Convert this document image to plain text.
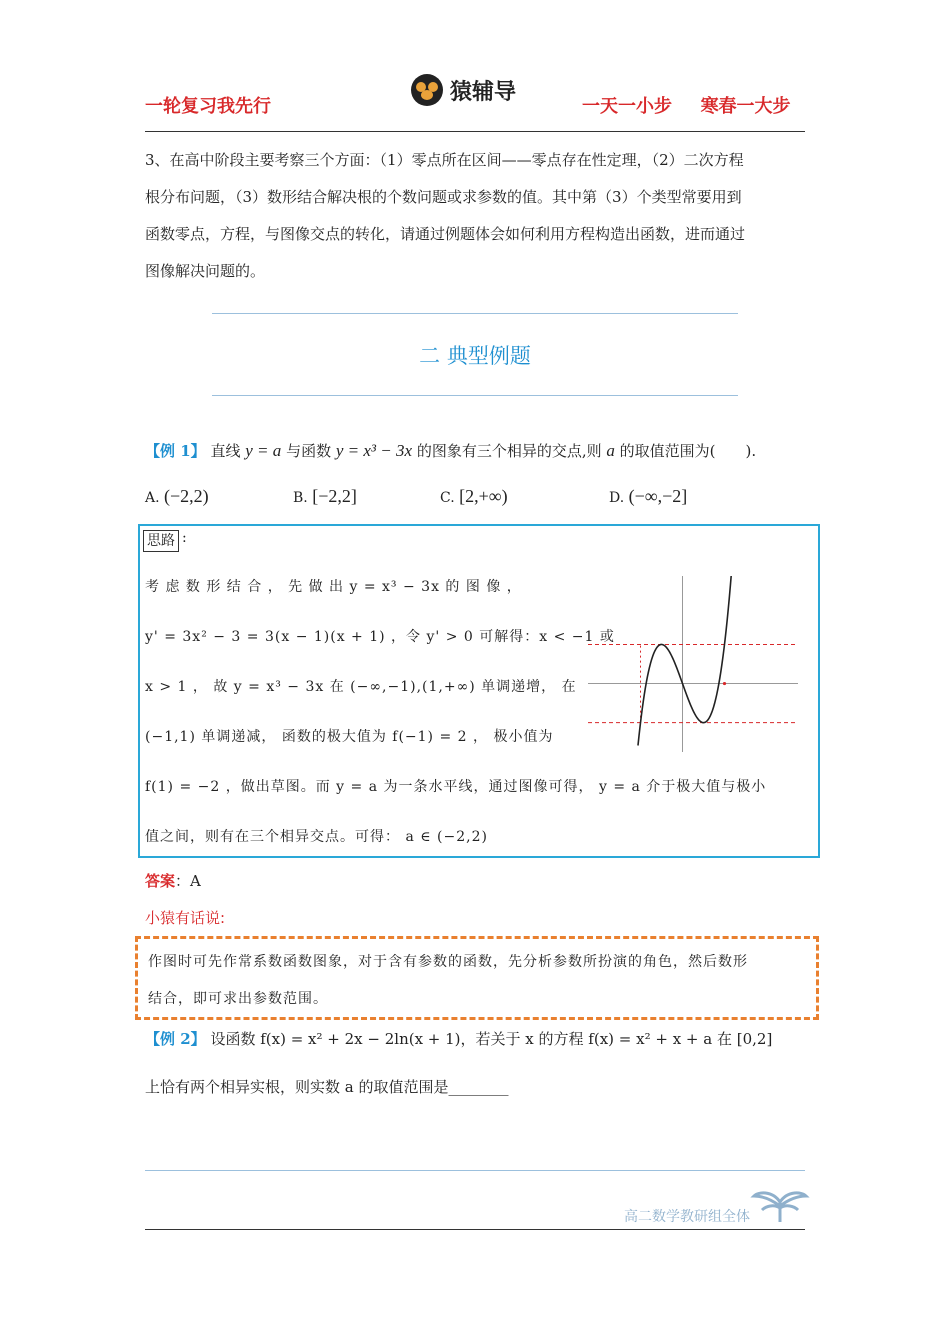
一轮复习我先行
猿辅导
一天一小步 寒春一大步
3、在高中阶段主要考察三个方面：（1）零点所在区间——零点存在性定理，（2）二次方程
根分布问题，（3）数形结合解决根的个数问题或求参数的值。其中第（3）个类型常要用到
函数零点，方程，与图像交点的转化，请通过例题体会如何利用方程构造出函数，进而通过
图像解决问题的。
二 典型例题
【例 1】 直线 y = a 与函数 y = x³ − 3x 的图象有三个相异的交点,则 a 的取值范围为(　　).
A. (−2,2)	B. [−2,2]	C. [2,+∞)	D. (−∞,−2]
思路 :
考 虑 数 形 结 合 ， 先 做 出 y = x³ − 3x 的 图 像 ，
y' = 3x² − 3 = 3(x − 1)(x + 1) ，令 y' > 0 可解得：x < −1 或
x > 1 ， 故 y = x³ − 3x 在 (−∞,−1),(1,+∞) 单调递增， 在
(−1,1) 单调递减， 函数的极大值为 f(−1) = 2 ， 极小值为
f(1) = −2 ，做出草图。而 y = a 为一条水平线，通过图像可得， y = a 介于极大值与极小
值之间，则有在三个相异交点。可得： a ∈ (−2,2)
答案：A
小猿有话说:
作图时可先作常系数函数图象，对于含有参数的函数，先分析参数所扮演的角色，然后数形
结合，即可求出参数范围。
【例 2】 设函数 f(x) = x² + 2x − 2ln(x + 1)，若关于 x 的方程 f(x) = x² + x + a 在 [0,2]
上恰有两个相异实根，则实数 a 的取值范围是________
高二数学教研组全体
